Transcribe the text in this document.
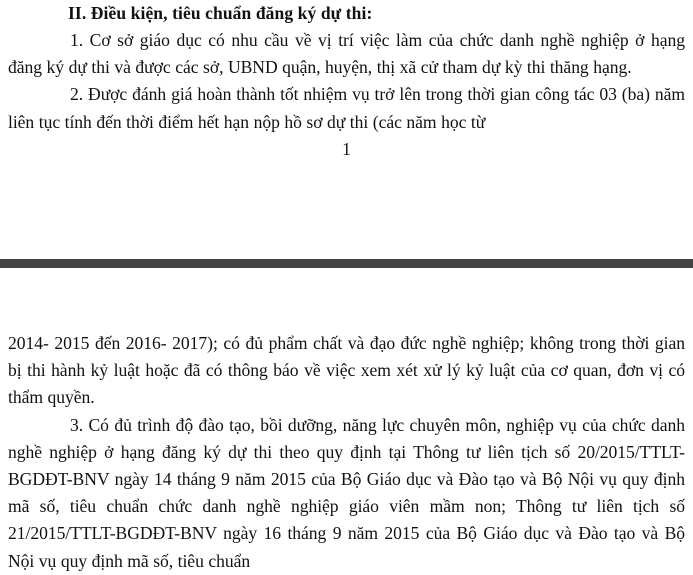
II. Điều kiện, tiêu chuẩn đăng ký dự thi:

1. Cơ sở giáo dục có nhu cầu về vị trí việc làm của chức danh nghề nghiệp ở hạng đăng ký dự thi và được các sở, UBND quận, huyện, thị xã cử tham dự kỳ thi thăng hạng.

2. Được đánh giá hoàn thành tốt nhiệm vụ trở lên trong thời gian công tác 03 (ba) năm liên tục tính đến thời điểm hết hạn nộp hồ sơ dự thi (các năm học từ

1

2014- 2015 đến 2016- 2017); có đủ phẩm chất và đạo đức nghề nghiệp; không trong thời gian bị thi hành kỷ luật hoặc đã có thông báo về việc xem xét xử lý kỷ luật của cơ quan, đơn vị có thẩm quyền.

3. Có đủ trình độ đào tạo, bồi dưỡng, năng lực chuyên môn, nghiệp vụ của chức danh nghề nghiệp ở hạng đăng ký dự thi theo quy định tại Thông tư liên tịch số 20/2015/TTLT-BGDĐT-BNV ngày 14 tháng 9 năm 2015 của Bộ Giáo dục và Đào tạo và Bộ Nội vụ quy định mã số, tiêu chuẩn chức danh nghề nghiệp giáo viên mầm non; Thông tư liên tịch số 21/2015/TTLT-BGDĐT-BNV ngày 16 tháng 9 năm 2015 của Bộ Giáo dục và Đào tạo và Bộ Nội vụ quy định mã số, tiêu chuẩn
